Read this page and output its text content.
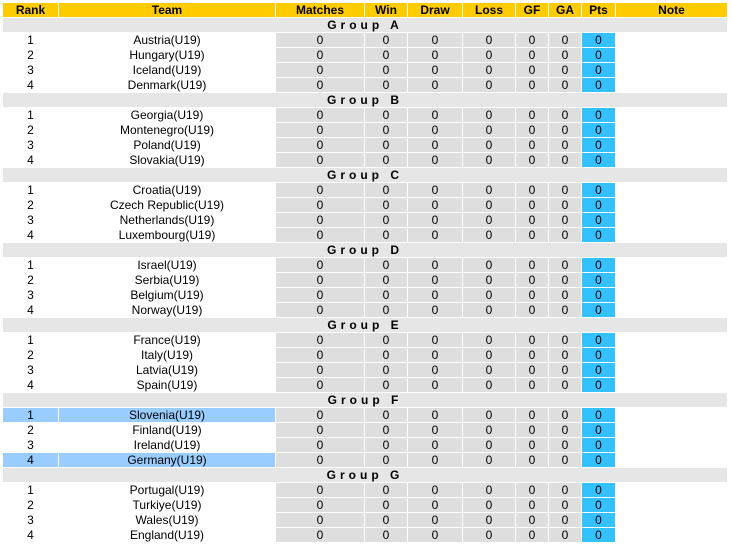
Rank	Team	Matches	Win	Draw	Loss	GF	GA	Pts	Note
Group A									
1	Austria(U19)	0	0	0	0	0	0	0	
2	Hungary(U19)	0	0	0	0	0	0	0	
3	Iceland(U19)	0	0	0	0	0	0	0	
4	Denmark(U19)	0	0	0	0	0	0	0	
Group B									
1	Georgia(U19)	0	0	0	0	0	0	0	
2	Montenegro(U19)	0	0	0	0	0	0	0	
3	Poland(U19)	0	0	0	0	0	0	0	
4	Slovakia(U19)	0	0	0	0	0	0	0	
Group C									
1	Croatia(U19)	0	0	0	0	0	0	0	
2	Czech Republic(U19)	0	0	0	0	0	0	0	
3	Netherlands(U19)	0	0	0	0	0	0	0	
4	Luxembourg(U19)	0	0	0	0	0	0	0	
Group D									
1	Israel(U19)	0	0	0	0	0	0	0	
2	Serbia(U19)	0	0	0	0	0	0	0	
3	Belgium(U19)	0	0	0	0	0	0	0	
4	Norway(U19)	0	0	0	0	0	0	0	
Group E									
1	France(U19)	0	0	0	0	0	0	0	
2	Italy(U19)	0	0	0	0	0	0	0	
3	Latvia(U19)	0	0	0	0	0	0	0	
4	Spain(U19)	0	0	0	0	0	0	0	
Group F									
1	Slovenia(U19)	0	0	0	0	0	0	0	
2	Finland(U19)	0	0	0	0	0	0	0	
3	Ireland(U19)	0	0	0	0	0	0	0	
4	Germany(U19)	0	0	0	0	0	0	0	
Group G									
1	Portugal(U19)	0	0	0	0	0	0	0	
2	Turkiye(U19)	0	0	0	0	0	0	0	
3	Wales(U19)	0	0	0	0	0	0	0	
4	England(U19)	0	0	0	0	0	0	0	
